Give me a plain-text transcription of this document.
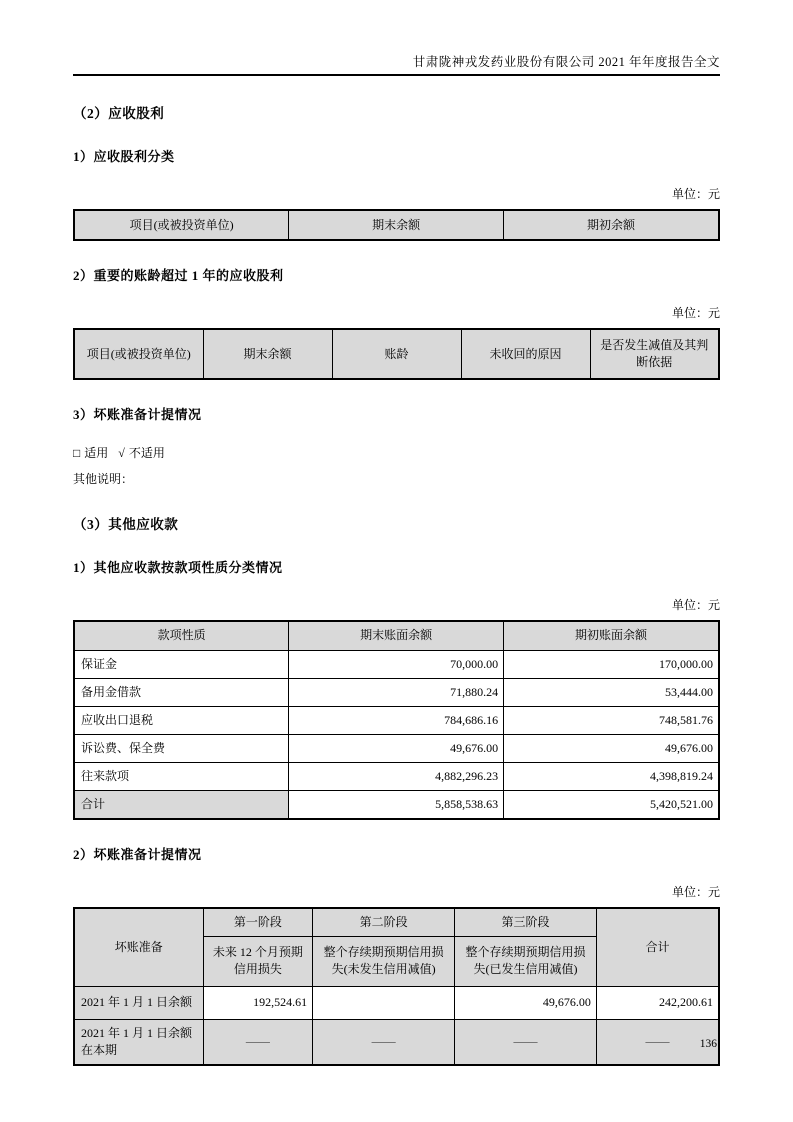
甘肃陇神戎发药业股份有限公司 2021 年年度报告全文
（2）应收股利
1）应收股利分类
单位：元
项目(或被投资单位)	期末余额	期初余额
2）重要的账龄超过 1 年的应收股利
单位：元
项目(或被投资单位)	期末余额	账龄	未收回的原因	是否发生减值及其判断依据
3）坏账准备计提情况
□ 适用 √ 不适用
其他说明：
（3）其他应收款
1）其他应收款按款项性质分类情况
单位：元
款项性质	期末账面余额	期初账面余额
保证金	70,000.00	170,000.00
备用金借款	71,880.24	53,444.00
应收出口退税	784,686.16	748,581.76
诉讼费、保全费	49,676.00	49,676.00
往来款项	4,882,296.23	4,398,819.24
合计	5,858,538.63	5,420,521.00
2）坏账准备计提情况
单位：元
坏账准备	第一阶段	第二阶段	第三阶段	合计
	未来 12 个月预期信用损失	整个存续期预期信用损失(未发生信用减值)	整个存续期预期信用损失(已发生信用减值)	
2021 年 1 月 1 日余额	192,524.61		49,676.00	242,200.61
2021 年 1 月 1 日余额在本期	——	——	——	——	136
